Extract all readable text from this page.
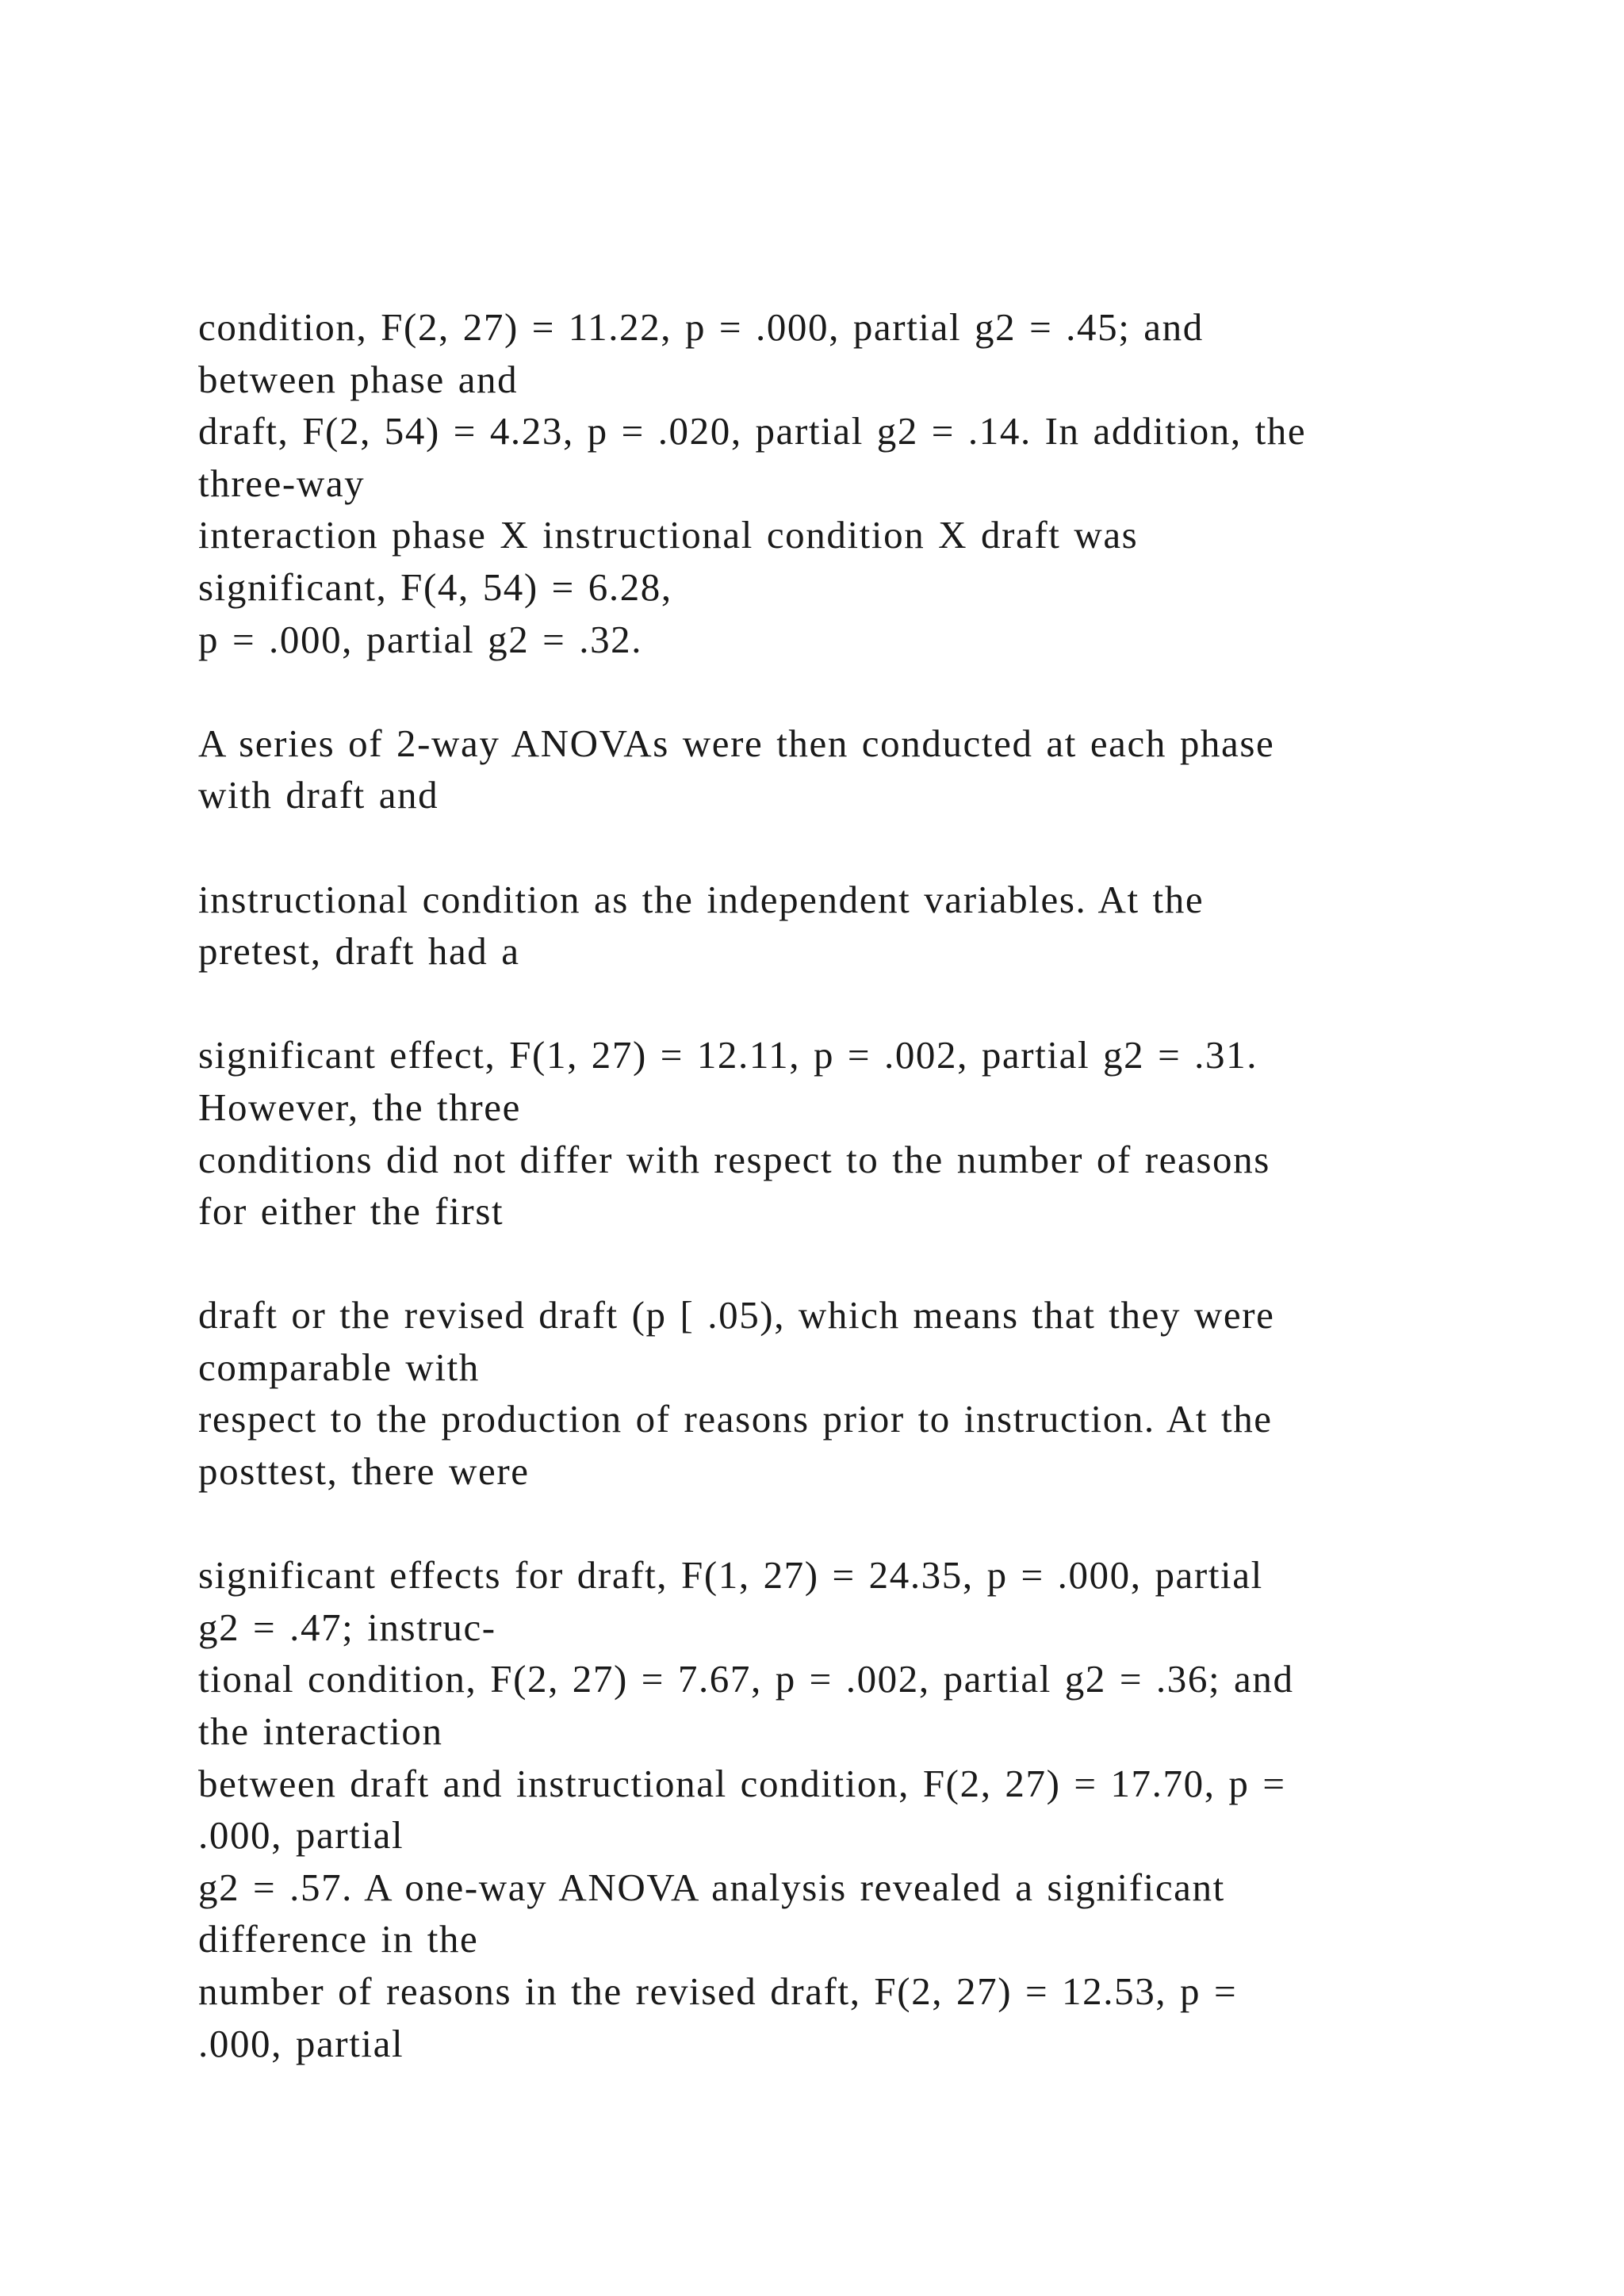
condition, F(2, 27) = 11.22, p = .000, partial g2 = .45; and
between phase and
draft, F(2, 54) = 4.23, p = .020, partial g2 = .14. In addition, the
three-way
interaction phase X instructional condition X draft was
significant, F(4, 54) = 6.28,
p = .000, partial g2 = .32.
A series of 2-way ANOVAs were then conducted at each phase
with draft and
instructional condition as the independent variables. At the
pretest, draft had a
significant effect, F(1, 27) = 12.11, p = .002, partial g2 = .31.
However, the three
conditions did not differ with respect to the number of reasons
for either the first
draft or the revised draft (p [ .05), which means that they were
comparable with
respect to the production of reasons prior to instruction. At the
posttest, there were
significant effects for draft, F(1, 27) = 24.35, p = .000, partial
g2 = .47; instruc-
tional condition, F(2, 27) = 7.67, p = .002, partial g2 = .36; and
the interaction
between draft and instructional condition, F(2, 27) = 17.70, p =
.000, partial
g2 = .57. A one-way ANOVA analysis revealed a significant
difference in the
number of reasons in the revised draft, F(2, 27) = 12.53, p =
.000, partial
